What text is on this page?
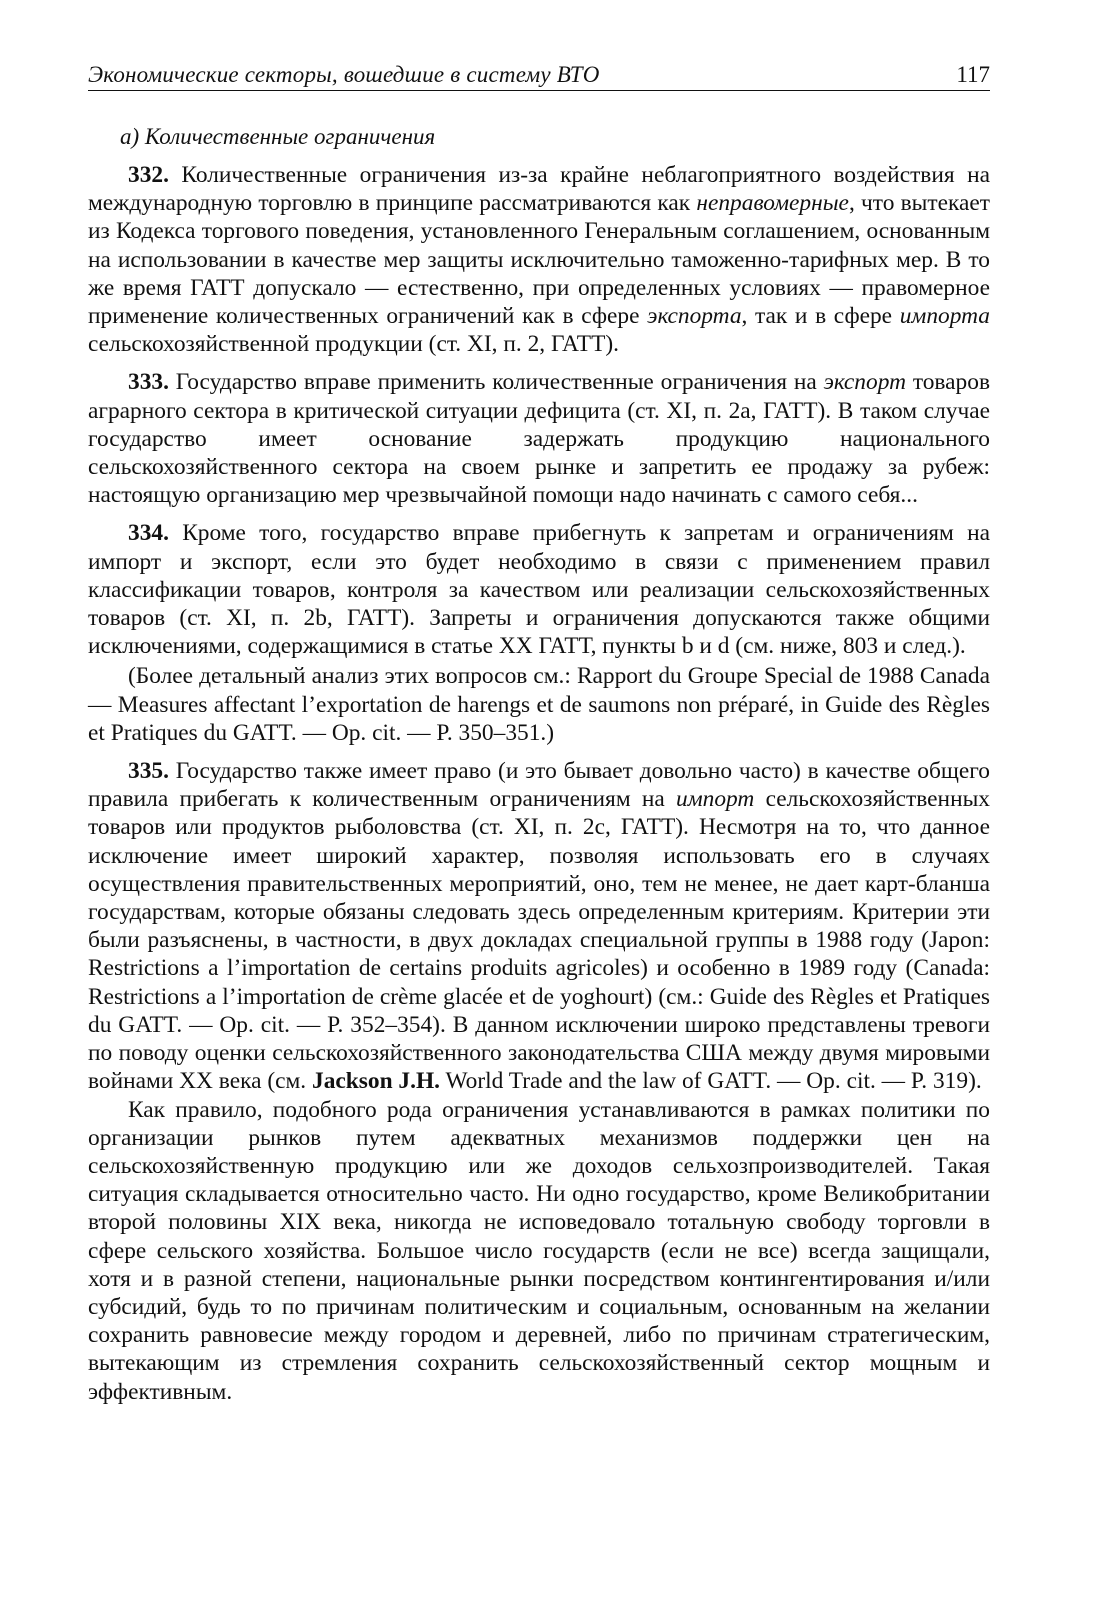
Экономические секторы, вошедшие в систему ВТО	117
а) Количественные ограничения

332. Количественные ограничения из-за крайне неблагоприятного воздействия на международную торговлю в принципе рассматриваются как неправомерные, что вытекает из Кодекса торгового поведения, установленного Генеральным соглашением, основанным на использовании в качестве мер защиты исключительно таможенно-тарифных мер. В то же время ГАТТ допускало — естественно, при определенных условиях — правомерное применение количественных ограничений как в сфере экспорта, так и в сфере импорта сельскохозяйственной продукции (ст. XI, п. 2, ГАТТ).

333. Государство вправе применить количественные ограничения на экспорт товаров аграрного сектора в критической ситуации дефицита (ст. XI, п. 2а, ГАТТ). В таком случае государство имеет основание задержать продукцию национального сельскохозяйственного сектора на своем рынке и запретить ее продажу за рубеж: настоящую организацию мер чрезвычайной помощи надо начинать с самого себя...

334. Кроме того, государство вправе прибегнуть к запретам и ограничениям на импорт и экспорт, если это будет необходимо в связи с применением правил классификации товаров, контроля за качеством или реализации сельскохозяйственных товаров (ст. XI, п. 2b, ГАТТ). Запреты и ограничения допускаются также общими исключениями, содержащимися в статье XX ГАТТ, пункты b и d (см. ниже, 803 и след.).

(Более детальный анализ этих вопросов см.: Rapport du Groupe Special de 1988 Canada — Measures affectant l’exportation de harengs et de saumons non préparé, in Guide des Règles et Pratiques du GATT. — Op. cit. — P. 350–351.)

335. Государство также имеет право (и это бывает довольно часто) в качестве общего правила прибегать к количественным ограничениям на импорт сельскохозяйственных товаров или продуктов рыболовства (ст. XI, п. 2с, ГАТТ). Несмотря на то, что данное исключение имеет широкий характер, позволяя использовать его в случаях осуществления правительственных мероприятий, оно, тем не менее, не дает карт-бланша государствам, которые обязаны следовать здесь определенным критериям. Критерии эти были разъяснены, в частности, в двух докладах специальной группы в 1988 году (Japon: Restrictions a l’importation de certains produits agricoles) и особенно в 1989 году (Canada: Restrictions a l’importation de crème glacée et de yoghourt) (см.: Guide des Règles et Pratiques du GATT. — Op. cit. — P. 352–354). В данном исключении широко представлены тревоги по поводу оценки сельскохозяйственного законодательства США между двумя мировыми войнами XX века (см. Jackson J.H. World Trade and the law of GATT. — Op. cit. — P. 319).

Как правило, подобного рода ограничения устанавливаются в рамках политики по организации рынков путем адекватных механизмов поддержки цен на сельскохозяйственную продукцию или же доходов сельхозпроизводителей. Такая ситуация складывается относительно часто. Ни одно государство, кроме Великобритании второй половины XIX века, никогда не исповедовало тотальную свободу торговли в сфере сельского хозяйства. Большое число государств (если не все) всегда защищали, хотя и в разной степени, национальные рынки посредством контингентирования и/или субсидий, будь то по причинам политическим и социальным, основанным на желании сохранить равновесие между городом и деревней, либо по причинам стратегическим, вытекающим из стремления сохранить сельскохозяйственный сектор мощным и эффективным.
